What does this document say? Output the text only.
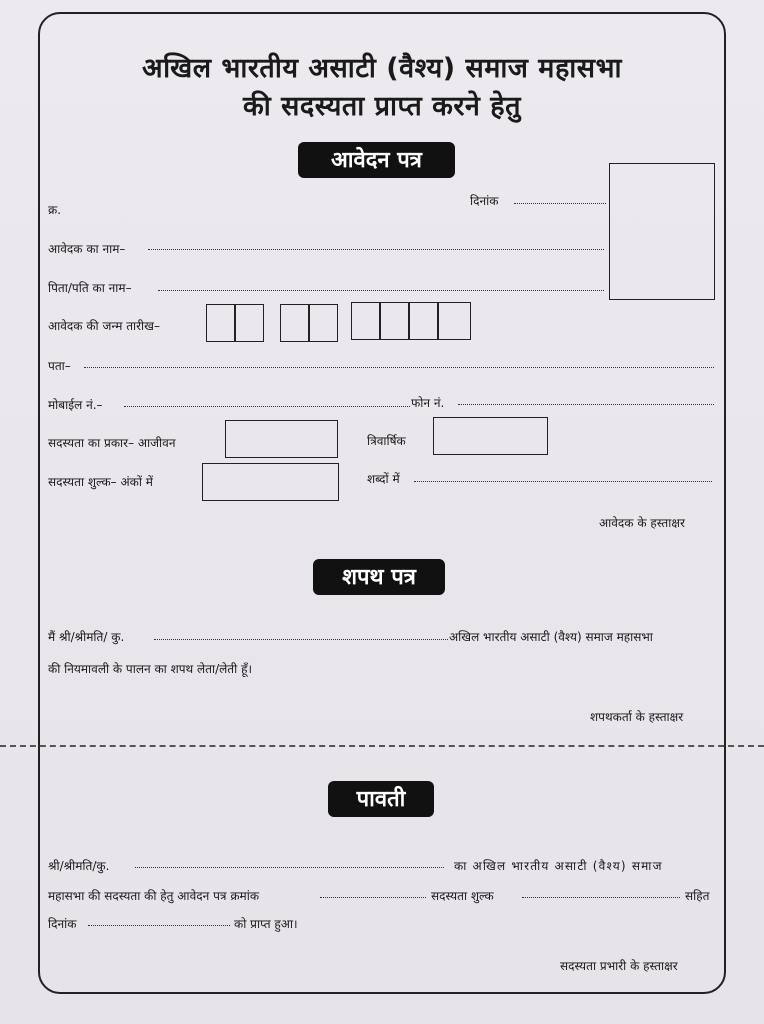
अखिल भारतीय असाटी (वैश्य) समाज महासभा
की सदस्यता प्राप्त करने हेतु
आवेदन पत्र
क्र.
दिनांक
आवेदक का नाम–
पिता/पति का नाम–
आवेदक की जन्म तारीख–
पता–
मोबाईल नं.–	फोन नं.
सदस्यता का प्रकार– आजीवन	त्रिवार्षिक
सदस्यता शुल्क– अंकों में	शब्दों में
आवेदक के हस्ताक्षर
शपथ पत्र
मैं श्री/श्रीमति/ कु.	अखिल भारतीय असाटी (वैश्य) समाज महासभा
की नियमावली के पालन का शपथ लेता/लेती हूँ।
शपथकर्ता के हस्ताक्षर
पावती
श्री/श्रीमति/कु.	का अखिल भारतीय असाटी (वैश्य) समाज
महासभा की सदस्यता की हेतु आवेदन पत्र क्रमांक	सदस्यता शुल्क	सहित
दिनांक	को प्राप्त हुआ।
सदस्यता प्रभारी के हस्ताक्षर
